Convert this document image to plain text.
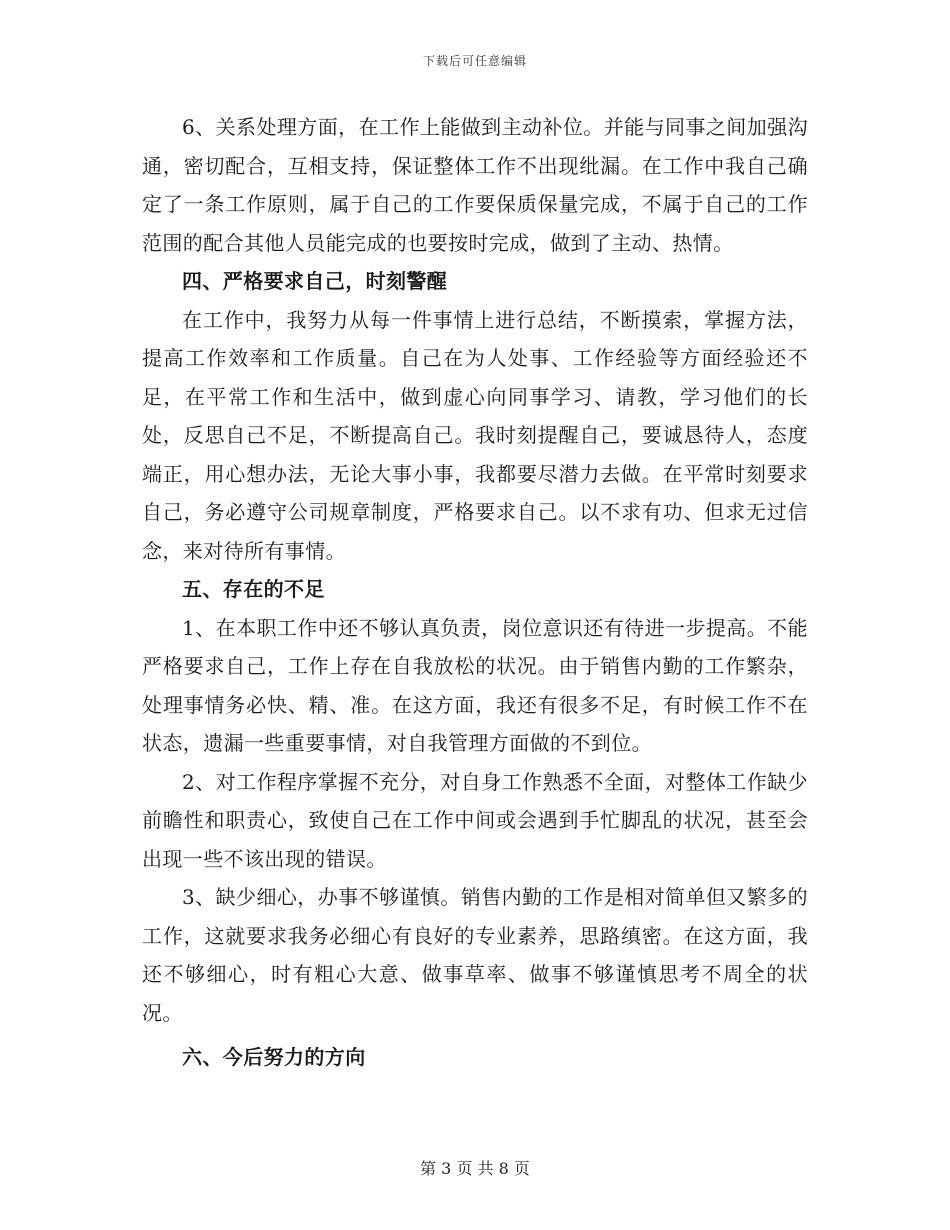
下载后可任意编辑

6、关系处理方面，在工作上能做到主动补位。并能与同事之间加强沟通，密切配合，互相支持，保证整体工作不出现纰漏。在工作中我自己确定了一条工作原则，属于自己的工作要保质保量完成，不属于自己的工作范围的配合其他人员能完成的也要按时完成，做到了主动、热情。

四、严格要求自己，时刻警醒

在工作中，我努力从每一件事情上进行总结，不断摸索，掌握方法，提高工作效率和工作质量。自己在为人处事、工作经验等方面经验还不足，在平常工作和生活中，做到虚心向同事学习、请教，学习他们的长处，反思自己不足，不断提高自己。我时刻提醒自己，要诚恳待人，态度端正，用心想办法，无论大事小事，我都要尽潜力去做。在平常时刻要求自己，务必遵守公司规章制度，严格要求自己。以不求有功、但求无过信念，来对待所有事情。

五、存在的不足

1、在本职工作中还不够认真负责，岗位意识还有待进一步提高。不能严格要求自己，工作上存在自我放松的状况。由于销售内勤的工作繁杂，处理事情务必快、精、准。在这方面，我还有很多不足，有时候工作不在状态，遗漏一些重要事情，对自我管理方面做的不到位。

2、对工作程序掌握不充分，对自身工作熟悉不全面，对整体工作缺少前瞻性和职责心，致使自己在工作中间或会遇到手忙脚乱的状况，甚至会出现一些不该出现的错误。

3、缺少细心，办事不够谨慎。销售内勤的工作是相对简单但又繁多的工作，这就要求我务必细心有良好的专业素养，思路缜密。在这方面，我还不够细心，时有粗心大意、做事草率、做事不够谨慎思考不周全的状况。

六、今后努力的方向

第 3 页 共 8 页
